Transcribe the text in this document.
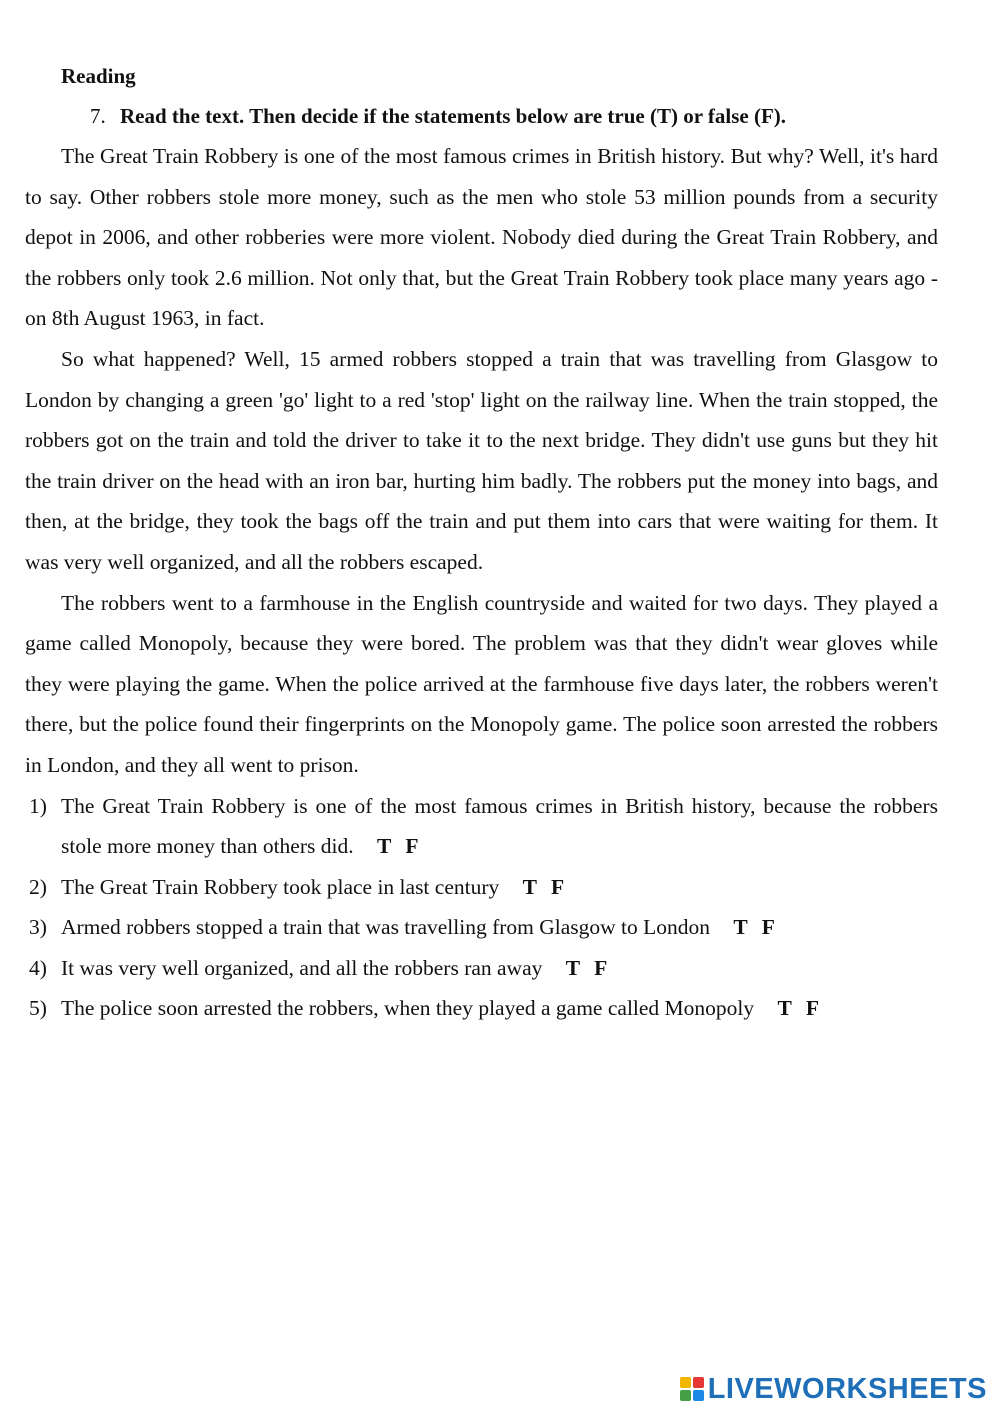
Reading
7. Read the text. Then decide if the statements below are true (T) or false (F).

The Great Train Robbery is one of the most famous crimes in British history. But why? Well, it's hard to say. Other robbers stole more money, such as the men who stole 53 million pounds from a security depot in 2006, and other robberies were more violent. Nobody died during the Great Train Robbery, and the robbers only took 2.6 million. Not only that, but the Great Train Robbery took place many years ago - on 8th August 1963, in fact.

So what happened? Well, 15 armed robbers stopped a train that was travelling from Glasgow to London by changing a green 'go' light to a red 'stop' light on the railway line. When the train stopped, the robbers got on the train and told the driver to take it to the next bridge. They didn't use guns but they hit the train driver on the head with an iron bar, hurting him badly. The robbers put the money into bags, and then, at the bridge, they took the bags off the train and put them into cars that were waiting for them. It was very well organized, and all the robbers escaped.

The robbers went to a farmhouse in the English countryside and waited for two days. They played a game called Monopoly, because they were bored. The problem was that they didn't wear gloves while they were playing the game. When the police arrived at the farmhouse five days later, the robbers weren't there, but the police found their fingerprints on the Monopoly game. The police soon arrested the robbers in London, and they all went to prison.

1) The Great Train Robbery is one of the most famous crimes in British history, because the robbers stole more money than others did. T F
2) The Great Train Robbery took place in last century T F
3) Armed robbers stopped a train that was travelling from Glasgow to London T F
4) It was very well organized, and all the robbers ran away T F
5) The police soon arrested the robbers, when they played a game called Monopoly T F
LIVEWORKSHEETS
